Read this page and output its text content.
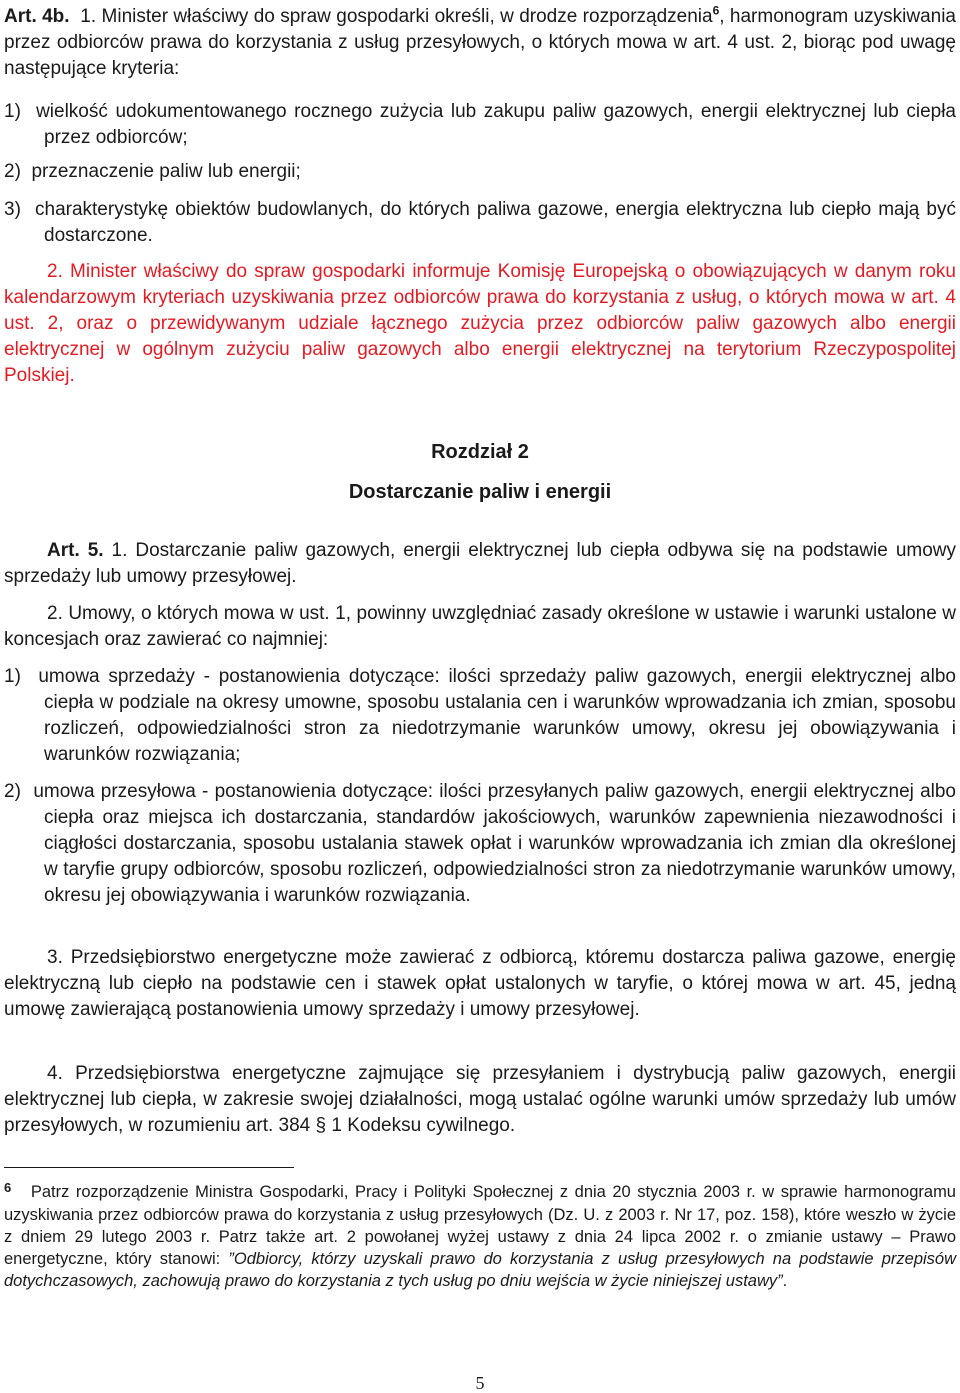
Art. 4b. 1. Minister właściwy do spraw gospodarki określi, w drodze rozporządzenia$^6$, harmonogram uzyskiwania przez odbiorców prawa do korzystania z usług przesyłowych, o których mowa w art. 4 ust. 2, biorąc pod uwagę następujące kryteria:

1) wielkość udokumentowanego rocznego zużycia lub zakupu paliw gazowych, energii elektrycznej lub ciepła przez odbiorców;

2) przeznaczenie paliw lub energii;

3) charakterystykę obiektów budowlanych, do których paliwa gazowe, energia elektryczna lub ciepło mają być dostarczone.

2. Minister właściwy do spraw gospodarki informuje Komisję Europejską o obowiązujących w danym roku kalendarzowym kryteriach uzyskiwania przez odbiorców prawa do korzystania z usług, o których mowa w art. 4 ust. 2, oraz o przewidywanym udziale łącznego zużycia przez odbiorców paliw gazowych albo energii elektrycznej w ogólnym zużyciu paliw gazowych albo energii elektrycznej na terytorium Rzeczypospolitej Polskiej.

Rozdział 2

Dostarczanie paliw i energii

Art. 5. 1. Dostarczanie paliw gazowych, energii elektrycznej lub ciepła odbywa się na podstawie umowy sprzedaży lub umowy przesyłowej.

2. Umowy, o których mowa w ust. 1, powinny uwzględniać zasady określone w ustawie i warunki ustalone w koncesjach oraz zawierać co najmniej:

1) umowa sprzedaży - postanowienia dotyczące: ilości sprzedaży paliw gazowych, energii elektrycznej albo ciepła w podziale na okresy umowne, sposobu ustalania cen i warunków wprowadzania ich zmian, sposobu rozliczeń, odpowiedzialności stron za niedotrzymanie warunków umowy, okresu jej obowiązywania i warunków rozwiązania;

2) umowa przesyłowa - postanowienia dotyczące: ilości przesyłanych paliw gazowych, energii elektrycznej albo ciepła oraz miejsca ich dostarczania, standardów jakościowych, warunków zapewnienia niezawodności i ciągłości dostarczania, sposobu ustalania stawek opłat i warunków wprowadzania ich zmian dla określonej w taryfie grupy odbiorców, sposobu rozliczeń, odpowiedzialności stron za niedotrzymanie warunków umowy, okresu jej obowiązywania i warunków rozwiązania.

3. Przedsiębiorstwo energetyczne może zawierać z odbiorcą, któremu dostarcza paliwa gazowe, energię elektryczną lub ciepło na podstawie cen i stawek opłat ustalonych w taryfie, o której mowa w art. 45, jedną umowę zawierającą postanowienia umowy sprzedaży i umowy przesyłowej.

4. Przedsiębiorstwa energetyczne zajmujące się przesyłaniem i dystrybucją paliw gazowych, energii elektrycznej lub ciepła, w zakresie swojej działalności, mogą ustalać ogólne warunki umów sprzedaży lub umów przesyłowych, w rozumieniu art. 384 § 1 Kodeksu cywilnego.

$^6$ Patrz rozporządzenie Ministra Gospodarki, Pracy i Polityki Społecznej z dnia 20 stycznia 2003 r. w sprawie harmonogramu uzyskiwania przez odbiorców prawa do korzystania z usług przesyłowych (Dz. U. z 2003 r. Nr 17, poz. 158), które weszło w życie z dniem 29 lutego 2003 r. Patrz także art. 2 powołanej wyżej ustawy z dnia 24 lipca 2002 r. o zmianie ustawy – Prawo energetyczne, który stanowi: ”Odbiorcy, którzy uzyskali prawo do korzystania z usług przesyłowych na podstawie przepisów dotychczasowych, zachowują prawo do korzystania z tych usług po dniu wejścia w życie niniejszej ustawy”.

5
